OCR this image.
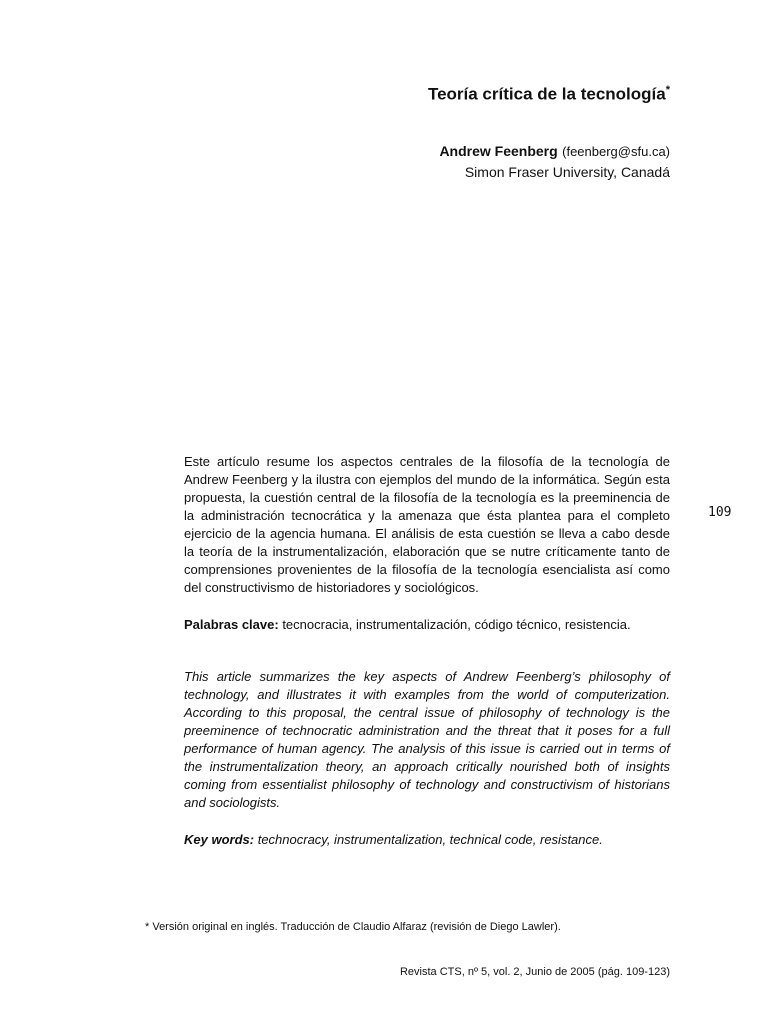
Teoría crítica de la tecnología*
Andrew Feenberg (feenberg@sfu.ca)
Simon Fraser University, Canadá

Este artículo resume los aspectos centrales de la filosofía de la tecnología de Andrew Feenberg y la ilustra con ejemplos del mundo de la informática. Según esta propuesta, la cuestión central de la filosofía de la tecnología es la preeminencia de la administración tecnocrática y la amenaza que ésta plantea para el completo ejercicio de la agencia humana. El análisis de esta cuestión se lleva a cabo desde la teoría de la instrumentalización, elaboración que se nutre críticamente tanto de comprensiones provenientes de la filosofía de la tecnología esencialista así como del constructivismo de historiadores y sociológicos.

Palabras clave: tecnocracia, instrumentalización, código técnico, resistencia.

This article summarizes the key aspects of Andrew Feenberg’s philosophy of technology, and illustrates it with examples from the world of computerization. According to this proposal, the central issue of philosophy of technology is the preeminence of technocratic administration and the threat that it poses for a full performance of human agency. The analysis of this issue is carried out in terms of the instrumentalization theory, an approach critically nourished both of insights coming from essentialist philosophy of technology and constructivism of historians and sociologists.

Key words: technocracy, instrumentalization, technical code, resistance.

109

* Versión original en inglés. Traducción de Claudio Alfaraz (revisión de Diego Lawler).

Revista CTS, nº 5, vol. 2, Junio de 2005 (pág. 109-123)
